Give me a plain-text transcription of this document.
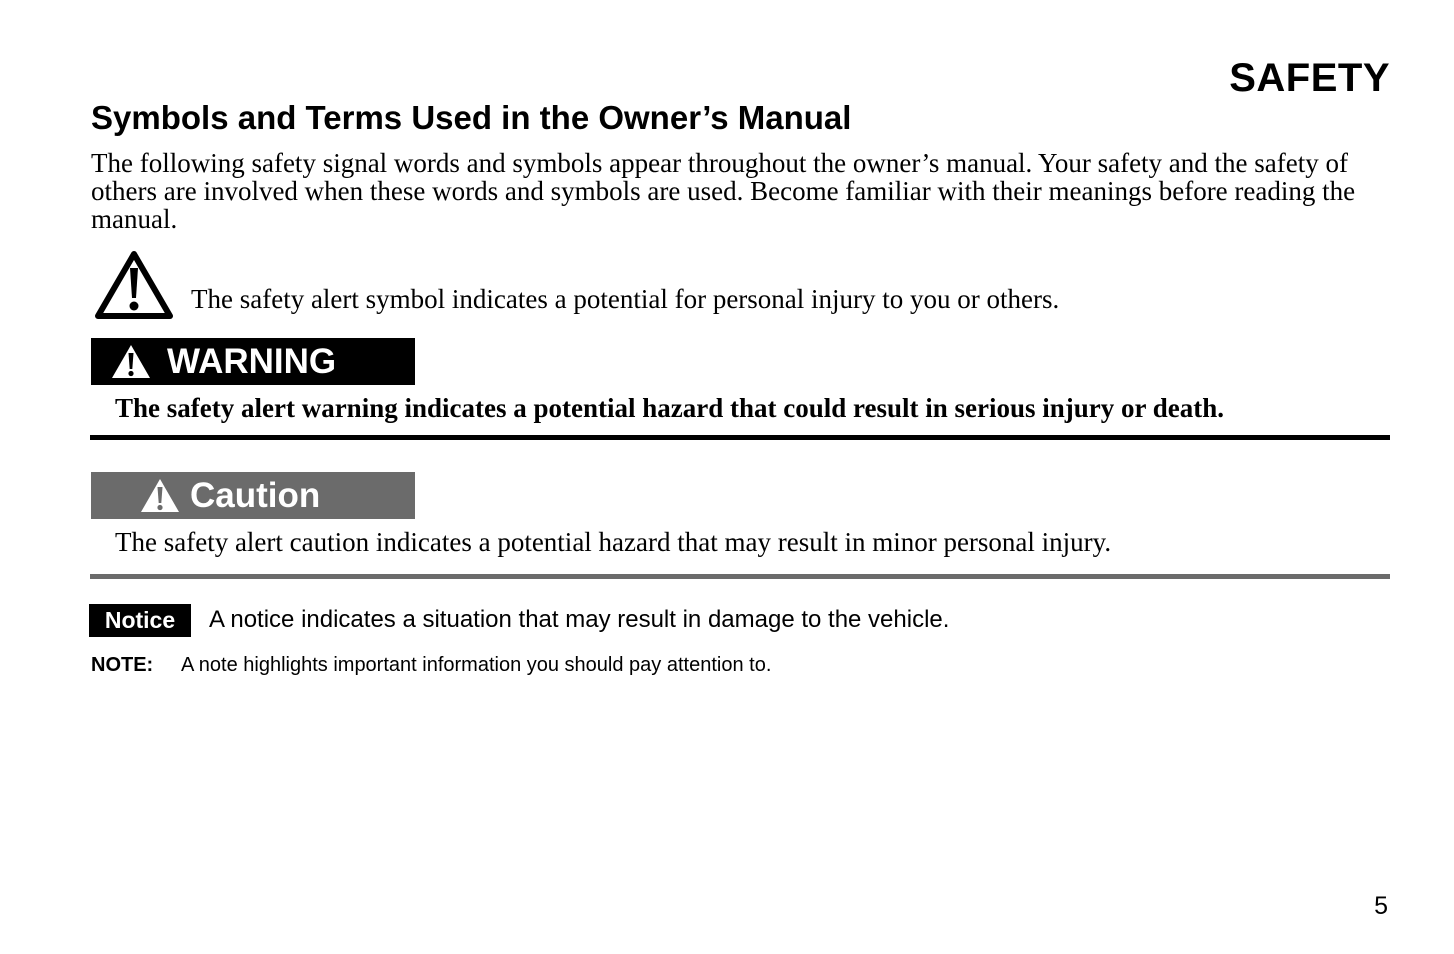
SAFETY
Symbols and Terms Used in the Owner’s Manual

The following safety signal words and symbols appear throughout the owner’s manual. Your safety and the safety of others are involved when these words and symbols are used. Become familiar with their meanings before reading the manual.

The safety alert symbol indicates a potential for personal injury to you or others.

WARNING

The safety alert warning indicates a potential hazard that could result in serious injury or death.

Caution

The safety alert caution indicates a potential hazard that may result in minor personal injury.

Notice	A notice indicates a situation that may result in damage to the vehicle.

NOTE: A note highlights important information you should pay attention to.

5
